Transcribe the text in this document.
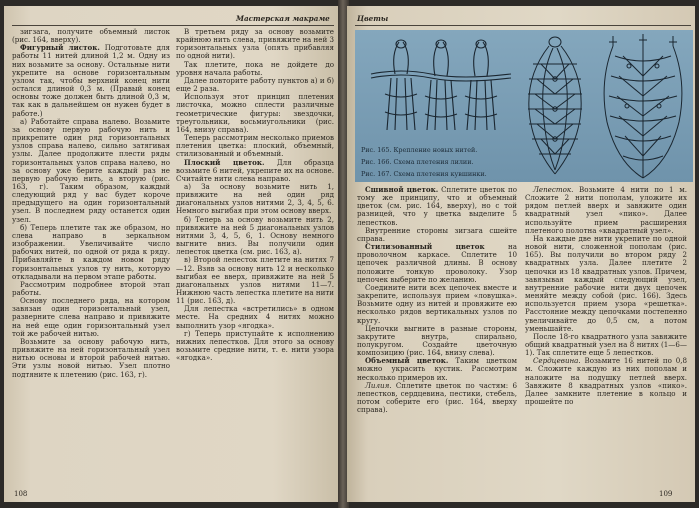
Мастерская макраме

зигзага, получите объемный листок (рис. 164, вверху).

Фигурный листок. Подготовьте для работы 11 нитей длиной 1,2 м. Одну из них возьмите за основу. Остальные нити укрепите на основе горизонтальным узлом так, чтобы верхний конец нити остался длиной 0,3 м. (Правый конец основы тоже должен быть длиной 0,3 м, так как в дальнейшем он нужен будет в работе.)

а) Работайте справа налево. Возьмите за основу первую рабочую нить и прикрепите один ряд горизонтальных узлов справа налево, сильно затягивая узлы. Далее продолжите плести ряды горизонтальных узлов справа налево, но за основу уже берите каждый раз не первую рабочую нить, а вторую (рис. 163, г). Таким образом, каждый следующий ряд у вас будет короче предыдущего на один горизонтальный узел. В последнем ряду останется один узел.

б) Теперь плетите так же образом, но слева направо в зеркальном изображении. Увеличивайте число рабочих нитей, по одной от ряда к ряду. Прибавляйте в каждом новом ряду горизонтальных узлов ту нить, которую откладывали на первом этапе работы.

Рассмотрим подробнее второй этап работы.

Основу последнего ряда, на котором завязан один горизонтальный узел, разверните слева направо и привяжите на ней еще один горизонтальный узел той же рабочей нитью.

Возьмите за основу рабочую нить, привяжите на ней горизонтальный узел нитью основы и второй рабочей нитью. Эти узлы новой нитью. Узел плотно подтяните к плетению (рис. 163, г).

В третьем ряду за основу возьмите крайнюю нить слева, привяжите на ней 3 горизонтальных узла (опять прибавляя по одной нити).

Так плетите, пока не дойдете до уровня начала работы.

Далее повторите работу пунктов а) и б) еще 2 раза.

Используя этот принцип плетения листочка, можно сплести различные геометрические фигуры: звездочки, треугольники, восьмиугольники (рис. 164, внизу справа).

Теперь рассмотрим несколько приемов плетения цветка: плоский, объемный, стилизованный и объемный.

Плоский цветок. Для образца возьмите 6 нитей, укрепите их на основе. Считайте нити слева направо.

а) За основу возьмите нить 1, привяжите на ней один ряд диагональных узлов нитями 2, 3, 4, 5, 6. Немного выгибая при этом основу вверх.

б) Теперь за основу возьмите нить 2, привяжите на ней 5 диагональных узлов нитями 3, 4, 5, 6, 1. Основу немного выгните вниз. Вы получили один лепесток цветка (см. рис. 163, а).

в) Второй лепесток плетите на нитях 7—12. Взяв за основу нить 12 и несколько выгибая ее вверх, привяжите на ней 5 диагональных узлов нитями 11—7. Нижнюю часть лепестка плетите на нити 11 (рис. 163, д).

Для лепестка «встретились» в одном месте. На средних 4 нитях можно выполнить узор «ягодка».

г) Теперь приступайте к исполнению нижних лепестков. Для этого за основу возьмите средние нити, т. е. нити узора «ягодка».

108
Цветы
Рис. 165. Крепление новых нитей.
Рис. 166. Схема плетения лилии.
Рис. 167. Схема плетения кувшинки.

Сшивной цветок. Сплетите цветок по тому же принципу, что и объемный цветок (см. рис. 164, вверху), но с той разницей, что у цветка выделите 5 лепестков.

Внутренние стороны зигзага сшейте справа.

Стилизованный цветок на проволочном каркасе. Сплетите 10 цепочек различной длины. В основу положите тонкую проволоку. Узор цепочек выберите по желанию.

Соедините нити всех цепочек вместе и закрепите, используя прием «ловушка». Возьмите одну из нитей и провяжите ею несколько рядов вертикальных узлов по кругу.

Цепочки выгните в разные стороны, закрутите внутрь, спирально, полукругом. Создайте цветочную композицию (рис. 164, внизу слева).

Объемный цветок. Таким цветком можно украсить кустик. Рассмотрим несколько примеров их.

Лилия. Сплетите цветок по частям: 6 лепестков, сердцевина, пестики, стебель, потом соберите его (рис. 164, вверху справа).

Лепесток. Возьмите 4 нити по 1 м. Сложите 2 нити пополам, уложите их рядом петлей вверх и завяжите один квадратный узел «пико». Далее используйте прием расширения плетеного полотна «квадратный узел».

На каждые две нити укрепите по одной новой нити, сложенной пополам (рис. 165). Вы получили во втором ряду 2 квадратных узла. Далее плетите 2 цепочки из 18 квадратных узлов. Причем, завязывая каждый следующий узел, внутренние рабочие нити двух цепочек меняйте между собой (рис. 166). Здесь используется прием узора «решетка». Расстояние между цепочками постепенно увеличивайте до 0,5 см, а потом уменьшайте.

После 18-го квадратного узла завяжите общий квадратный узел на 8 нитях (1—6—1). Так сплетите еще 5 лепестков.

Сердцевина. Возьмите 16 нитей по 0,8 м. Сложите каждую из них пополам и наложите на подушку петлей вверх. Завяжите 8 квадратных узлов «пико». Далее замкните плетение в кольцо и прошейте по

109
